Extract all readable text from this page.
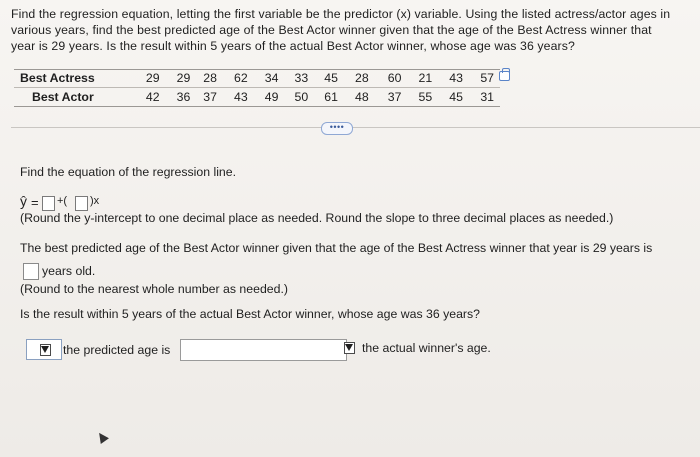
Find the regression equation, letting the first variable be the predictor (x) variable. Using the listed actress/actor ages in
various years, find the best predicted age of the Best Actor winner given that the age of the Best Actress winner that
year is 29 years. Is the result within 5 years of the actual Best Actor winner, whose age was 36 years?
Best Actress	29	29	28	62	34	33	45	28	60	21	43	57
Best Actor	42	36	37	43	49	50	61	48	37	55	45	31
••••
Find the equation of the regression line.
ŷ = +( )x
(Round the y-intercept to one decimal place as needed. Round the slope to three decimal places as needed.)
The best predicted age of the Best Actor winner given that the age of the Best Actress winner that year is 29 years is
years old.
(Round to the nearest whole number as needed.)
Is the result within 5 years of the actual Best Actor winner, whose age was 36 years?
the predicted age is	the actual winner's age.
